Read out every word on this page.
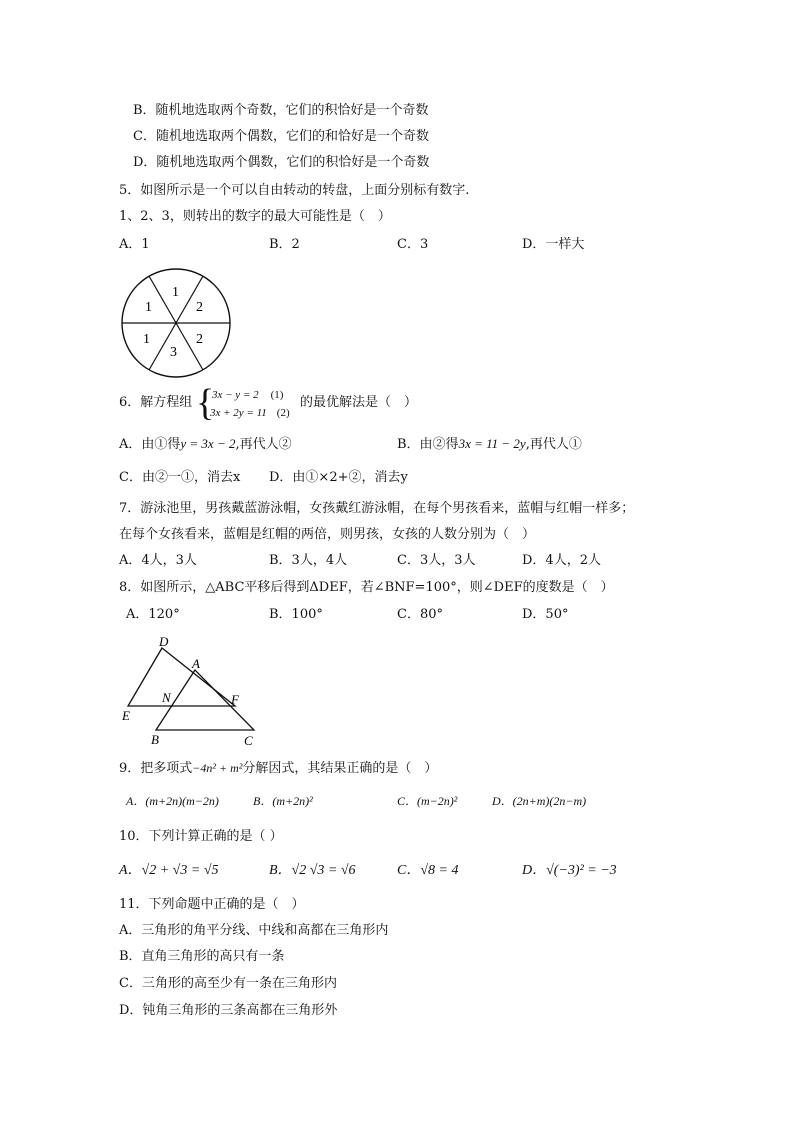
B．随机地选取两个奇数，它们的积恰好是一个奇数
C．随机地选取两个偶数，它们的和恰好是一个奇数
D．随机地选取两个偶数，它们的积恰好是一个奇数
5．如图所示是一个可以自由转动的转盘，上面分别标有数字.
1、2、3，则转出的数字的最大可能性是（　）
A．1	B．2	C．3	D．一样大
1
2
2
3
1
1
6．解方程组 {
3x − y = 2 (1)
3x + 2y = 11 (2)
的最优解法是（　）
A．由①得y = 3x − 2,再代人②	B．由②得3x = 11 − 2y,再代人①
C．由②一①，消去x D．由①×2+②，消去y
7．游泳池里，男孩戴蓝游泳帽，女孩戴红游泳帽，在每个男孩看来，蓝帽与红帽一样多；
在每个女孩看来，蓝帽是红帽的两倍，则男孩，女孩的人数分别为（　）
A．4人，3人	B．3人，4人	C．3人，3人	D．4人，2人
8．如图所示，△ABC平移后得到ΔDEF，若∠BNF=100°，则∠DEF的度数是（　）
A．120°	B．100°	C．80°	D．50°
D
A
N	F
E
B	C
9．把多项式−4n² + m²分解因式，其结果正确的是（　）
A．(m+2n)(m−2n)	B．(m+2n)²	C．(m−2n)²	D．(2n+m)(2n−m)
10．下列计算正确的是（ ）
A．√2 + √3 = √5	B．√2 √3 = √6	C．√8 = 4	D．√(−3)² = −3
11．下列命题中正确的是（　）
A．三角形的角平分线、中线和高都在三角形内
B．直角三角形的高只有一条
C．三角形的高至少有一条在三角形内
D．钝角三角形的三条高都在三角形外
